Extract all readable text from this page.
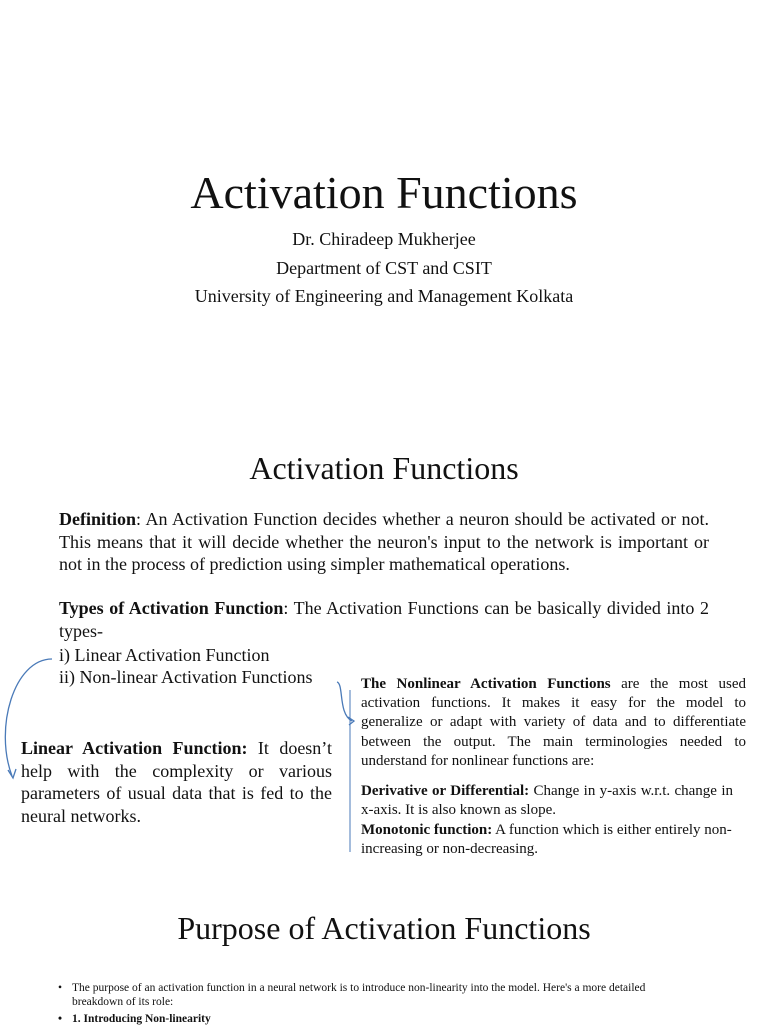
Activation Functions
Dr. Chiradeep Mukherjee
Department of CST and CSIT
University of Engineering and Management Kolkata
Activation Functions
Definition: An Activation Function decides whether a neuron should be activated or not. This means that it will decide whether the neuron's input to the network is important or not in the process of prediction using simpler mathematical operations.
Types of Activation Function: The Activation Functions can be basically divided into 2 types-
i) Linear Activation Function
ii) Non-linear Activation Functions
Linear Activation Function: It doesn’t help with the complexity or various parameters of usual data that is fed to the neural networks.
The Nonlinear Activation Functions are the most used activation functions. It makes it easy for the model to generalize or adapt with variety of data and to differentiate between the output. The main terminologies needed to understand for nonlinear functions are:
Derivative or Differential: Change in y-axis w.r.t. change in x-axis. It is also known as slope.
Monotonic function: A function which is either entirely non-increasing or non-decreasing.
Purpose of Activation Functions
• The purpose of an activation function in a neural network is to introduce non-linearity into the model. Here's a more detailed breakdown of its role:
• 1. Introducing Non-linearity
